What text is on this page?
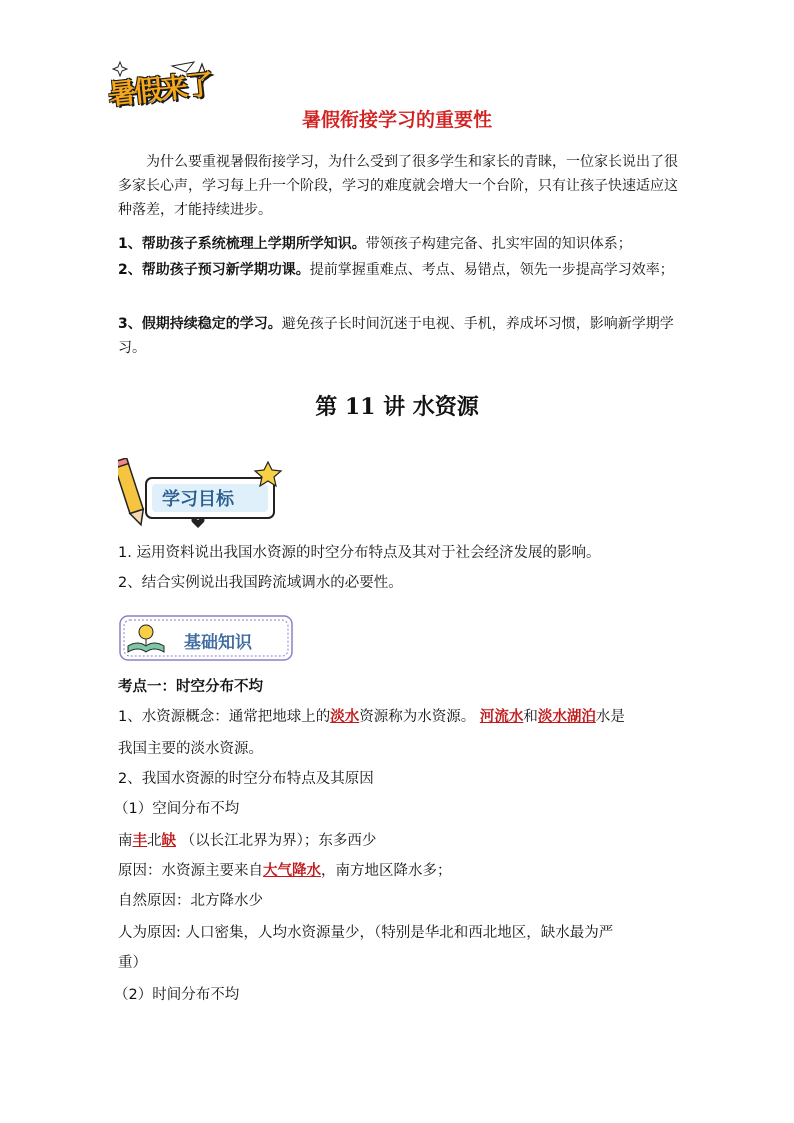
暑假来了
暑假衔接学习的重要性
为什么要重视暑假衔接学习，为什么受到了很多学生和家长的青睐，一位家长说出了很多家长心声，学习每上升一个阶段，学习的难度就会增大一个台阶，只有让孩子快速适应这种落差，才能持续进步。
1、帮助孩子系统梳理上学期所学知识。带领孩子构建完备、扎实牢固的知识体系；
2、帮助孩子预习新学期功课。提前掌握重难点、考点、易错点，领先一步提高学习效率；
3、假期持续稳定的学习。避免孩子长时间沉迷于电视、手机，养成坏习惯，影响新学期学习。
第 11 讲 水资源
学习目标
1. 运用资料说出我国水资源的时空分布特点及其对于社会经济发展的影响。
2、结合实例说出我国跨流域调水的必要性。
基础知识
考点一：时空分布不均
1、水资源概念：通常把地球上的淡水资源称为水资源。 河流水和淡水湖泊水是
我国主要的淡水资源。
2、我国水资源的时空分布特点及其原因
（1）空间分布不均
南丰北缺 （以长江北界为界）；东多西少
原因：水资源主要来自大气降水，南方地区降水多；
自然原因：北方降水少
人为原因: 人口密集，人均水资源量少，（特别是华北和西北地区，缺水最为严
重）
（2）时间分布不均
